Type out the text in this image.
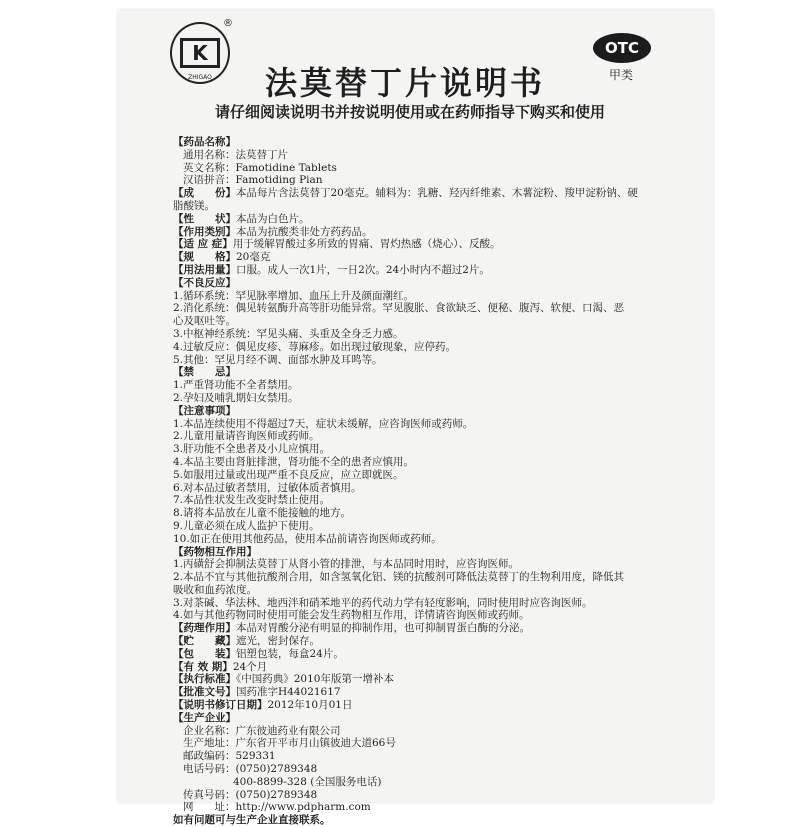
K
®
ZHIGAO
OTC
甲类
法莫替丁片说明书
请仔细阅读说明书并按说明使用或在药师指导下购买和使用
【药品名称】
通用名称：法莫替丁片
英文名称：Famotidine Tablets
汉语拼音：Famotiding Pian
【成　　份】本品每片含法莫替丁20毫克。辅料为：乳糖、羟丙纤维素、木薯淀粉、羧甲淀粉钠、硬
脂酸镁。
【性　　状】本品为白色片。
【作用类别】本品为抗酸类非处方药药品。
【适 应 症】用于缓解胃酸过多所致的胃痛、胃灼热感（烧心）、反酸。
【规　　格】20毫克
【用法用量】口服。成人一次1片，一日2次。24小时内不超过2片。
【不良反应】
1.循环系统：罕见脉率增加、血压上升及颜面潮红。
2.消化系统：偶见转氨酶升高等肝功能异常。罕见腹胀、食欲缺乏、便秘、腹泻、软便、口渴、恶
心及呕吐等。
3.中枢神经系统：罕见头痛、头重及全身乏力感。
4.过敏反应：偶见皮疹、荨麻疹。如出现过敏现象，应停药。
5.其他：罕见月经不调、面部水肿及耳鸣等。
【禁　　忌】
1.严重肾功能不全者禁用。
2.孕妇及哺乳期妇女禁用。
【注意事项】
1.本品连续使用不得超过7天，症状未缓解，应咨询医师或药师。
2.儿童用量请咨询医师或药师。
3.肝功能不全患者及小儿应慎用。
4.本品主要由肾脏排泄，肾功能不全的患者应慎用。
5.如服用过量或出现严重不良反应，应立即就医。
6.对本品过敏者禁用，过敏体质者慎用。
7.本品性状发生改变时禁止使用。
8.请将本品放在儿童不能接触的地方。
9.儿童必须在成人监护下使用。
10.如正在使用其他药品，使用本品前请咨询医师或药师。
【药物相互作用】
1.丙磺舒会抑制法莫替丁从肾小管的排泄，与本品同时用时，应咨询医师。
2.本品不宜与其他抗酸剂合用，如含氢氧化铝、镁的抗酸剂可降低法莫替丁的生物利用度，降低其
吸收和血药浓度。
3.对茶碱、华法林、地西泮和硝苯地平的药代动力学有轻度影响，同时使用时应咨询医师。
4.如与其他药物同时使用可能会发生药物相互作用，详情请咨询医师或药师。
【药理作用】本品对胃酸分泌有明显的抑制作用，也可抑制胃蛋白酶的分泌。
【贮　　藏】遮光，密封保存。
【包　　装】铝塑包装，每盒24片。
【有 效 期】24个月
【执行标准】《中国药典》2010年版第一增补本
【批准文号】国药准字H44021617
【说明书修订日期】2012年10月01日
【生产企业】
企业名称：广东彼迪药业有限公司
生产地址：广东省开平市月山镇彼迪大道66号
邮政编码：529331
电话号码：(0750)2789348
400-8899-328 (全国服务电话)
传真号码：(0750)2789348
网　　址：http://www.pdpharm.com
如有问题可与生产企业直接联系。
